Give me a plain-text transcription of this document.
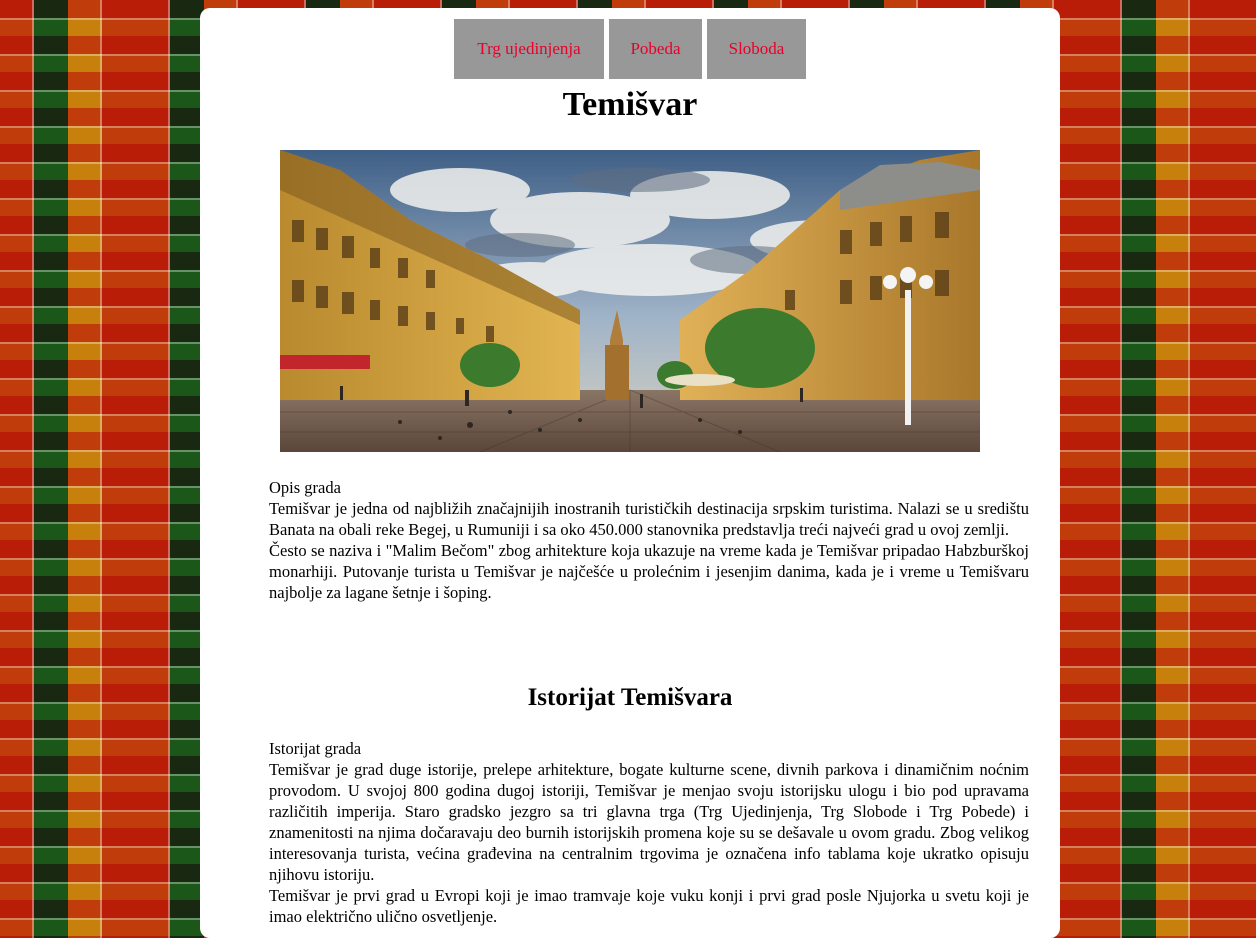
Trg ujedinjenja	Pobeda	Sloboda
Temišvar

Opis grada

Temišvar je jedna od najbližih značajnijih inostranih turističkih destinacija srpskim turistima. Nalazi se u središtu Banata na obali reke Begej, u Rumuniji i sa oko 450.000 stanovnika predstavlja treći najveći grad u ovoj zemlji.

Često se naziva i "Malim Bečom" zbog arhitekture koja ukazuje na vreme kada je Temišvar pripadao Habzburškoj monarhiji. Putovanje turista u Temišvar je najčešće u prolećnim i jesenjim danima, kada je i vreme u Temišvaru najbolje za lagane šetnje i šoping.

Istorijat Temišvara

Istorijat grada

Temišvar je grad duge istorije, prelepe arhitekture, bogate kulturne scene, divnih parkova i dinamičnim noćnim provodom. U svojoj 800 godina dugoj istoriji, Temišvar je menjao svoju istorijsku ulogu i bio pod upravama različitih imperija. Staro gradsko jezgro sa tri glavna trga (Trg Ujedinjenja, Trg Slobode i Trg Pobede) i znamenitosti na njima dočaravaju deo burnih istorijskih promena koje su se dešavale u ovom gradu. Zbog velikog interesovanja turista, većina građevina na centralnim trgovima je označena info tablama koje ukratko opisuju njihovu istoriju.

Temišvar je prvi grad u Evropi koji je imao tramvaje koje vuku konji i prvi grad posle Njujorka u svetu koji je imao električno ulično osvetljenje.
